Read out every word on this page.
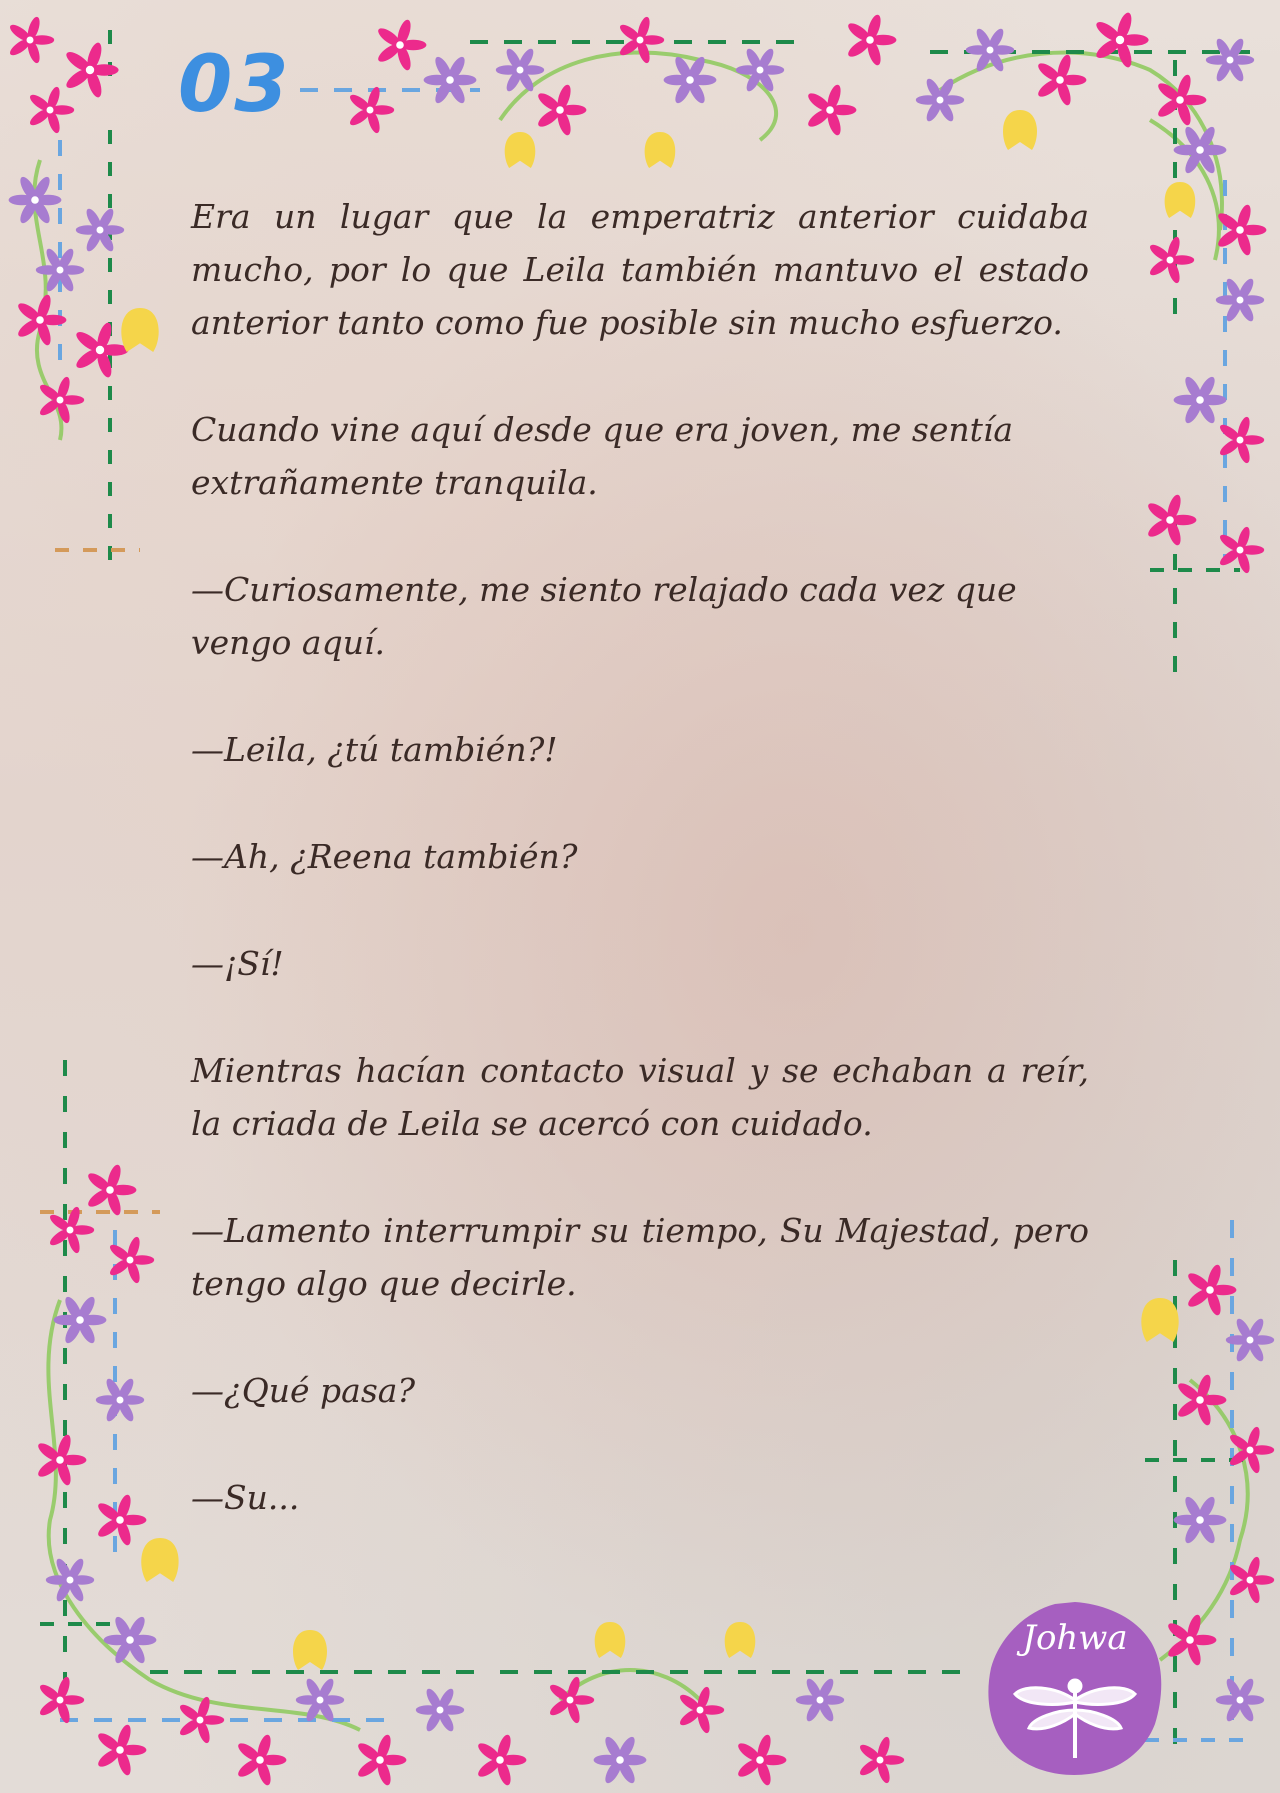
03

Era un lugar que la emperatriz anterior cuidaba mucho, por lo que Leila también mantuvo el estado anterior tanto como fue posible sin mucho esfuerzo.

Cuando vine aquí desde que era joven, me sentía extrañamente tranquila.

—Curiosamente, me siento relajado cada vez que vengo aquí.

—Leila, ¿tú también?!

—Ah, ¿Reena también?

—¡Sí!

Mientras hacían contacto visual y se echaban a reír, la criada de Leila se acercó con cuidado.

—Lamento interrumpir su tiempo, Su Majestad, pero tengo algo que decirle.

—¿Qué pasa?

—Su...

Johwa
